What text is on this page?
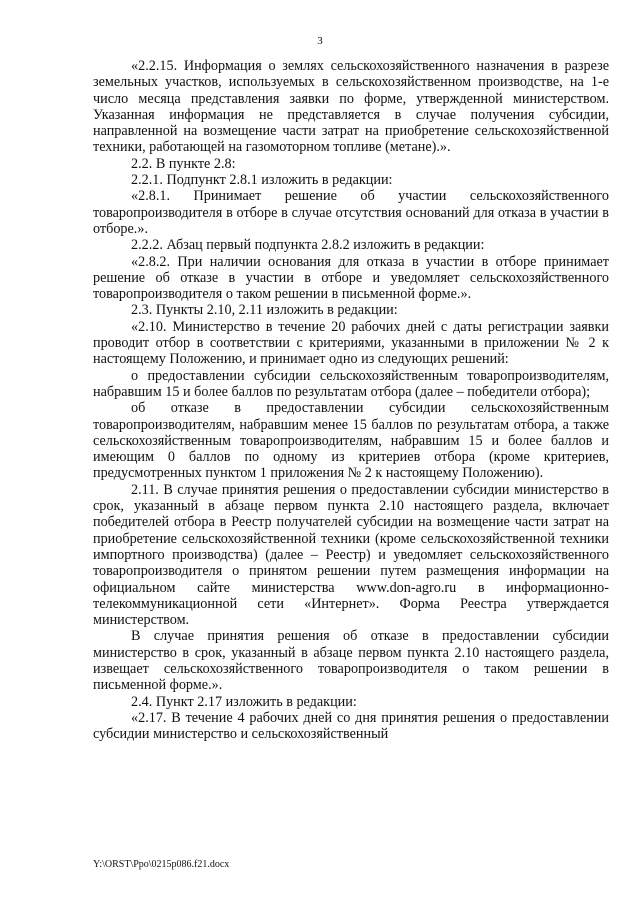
3

«2.2.15. Информация о землях сельскохозяйственного назначения в разрезе земельных участков, используемых в сельскохозяйственном производстве, на 1-е число месяца представления заявки по форме, утвержденной министерством. Указанная информация не представляется в случае получения субсидии, направленной на возмещение части затрат на приобретение сельскохозяйственной техники, работающей на газомоторном топливе (метане).».

2.2. В пункте 2.8:

2.2.1. Подпункт 2.8.1 изложить в редакции:

«2.8.1. Принимает решение об участии сельскохозяйственного товаропроизводителя в отборе в случае отсутствия оснований для отказа в участии в отборе.».

2.2.2. Абзац первый подпункта 2.8.2 изложить в редакции:

«2.8.2. При наличии основания для отказа в участии в отборе принимает решение об отказе в участии в отборе и уведомляет сельскохозяйственного товаропроизводителя о таком решении в письменной форме.».

2.3. Пункты 2.10, 2.11 изложить в редакции:

«2.10. Министерство в течение 20 рабочих дней с даты регистрации заявки проводит отбор в соответствии с критериями, указанными в приложении № 2 к настоящему Положению, и принимает одно из следующих решений:

о предоставлении субсидии сельскохозяйственным товаропроизводителям, набравшим 15 и более баллов по результатам отбора (далее – победители отбора);

об отказе в предоставлении субсидии сельскохозяйственным товаропроизводителям, набравшим менее 15 баллов по результатам отбора, а также сельскохозяйственным товаропроизводителям, набравшим 15 и более баллов и имеющим 0 баллов по одному из критериев отбора (кроме критериев, предусмотренных пунктом 1 приложения № 2 к настоящему Положению).

2.11. В случае принятия решения о предоставлении субсидии министерство в срок, указанный в абзаце первом пункта 2.10 настоящего раздела, включает победителей отбора в Реестр получателей субсидии на возмещение части затрат на приобретение сельскохозяйственной техники (кроме сельскохозяйственной техники импортного производства) (далее – Реестр) и уведомляет сельскохозяйственного товаропроизводителя о принятом решении путем размещения информации на официальном сайте министерства www.don-agro.ru в информационно-телекоммуникационной сети «Интернет». Форма Реестра утверждается министерством.

В случае принятия решения об отказе в предоставлении субсидии министерство в срок, указанный в абзаце первом пункта 2.10 настоящего раздела, извещает сельскохозяйственного товаропроизводителя о таком решении в письменной форме.».

2.4. Пункт 2.17 изложить в редакции:

«2.17. В течение 4 рабочих дней со дня принятия решения о предоставлении субсидии министерство и сельскохозяйственный

Y:\ORST\Ppo\0215p086.f21.docx
